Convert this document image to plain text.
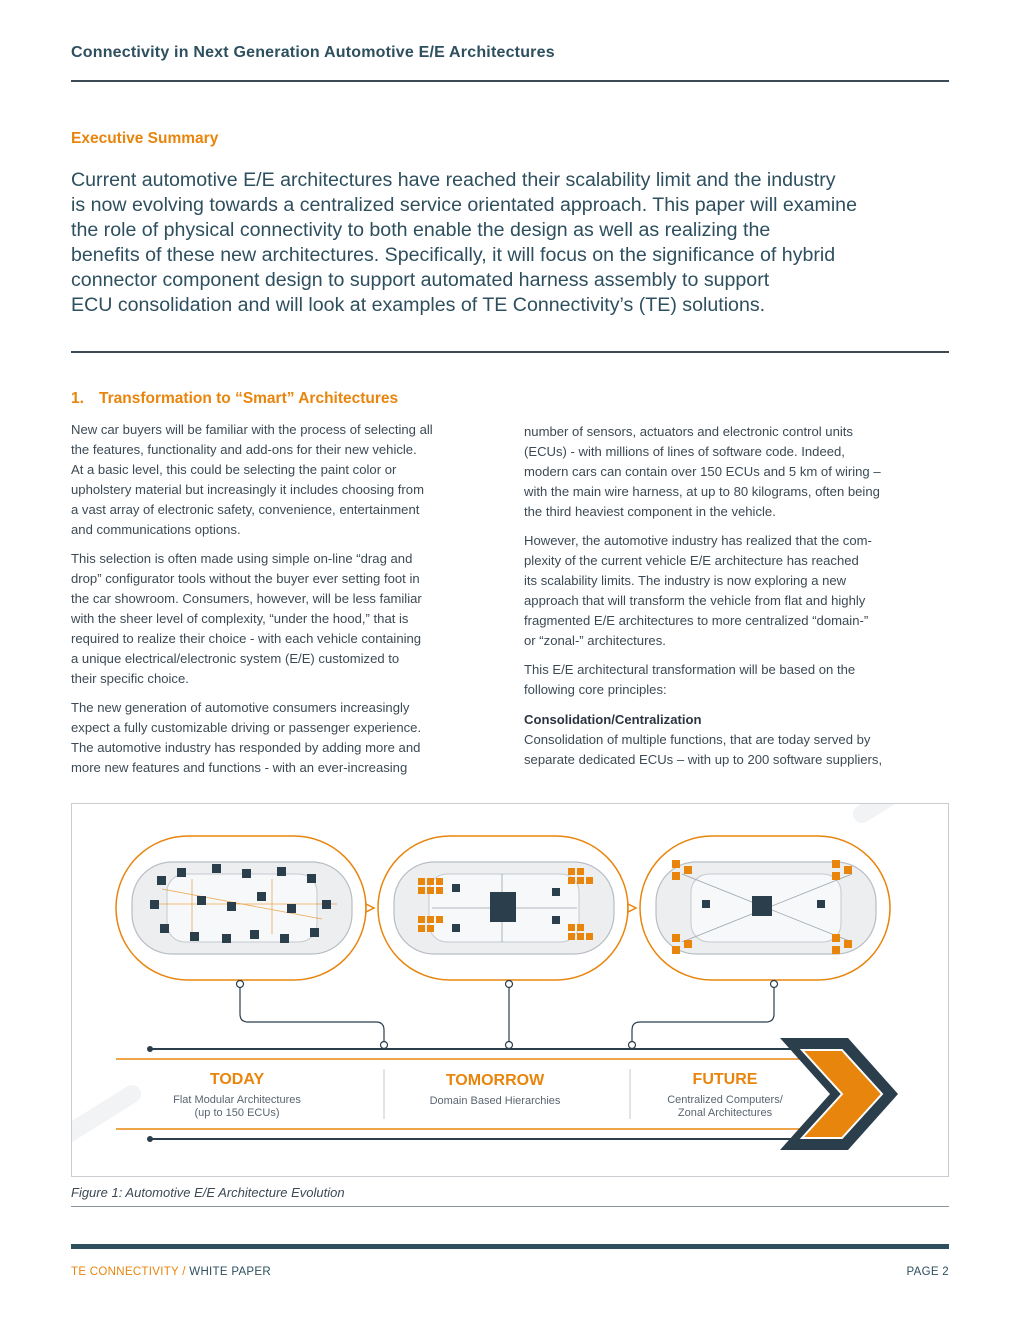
Connectivity in Next Generation Automotive E/E Architectures
Executive Summary
Current automotive E/E architectures have reached their scalability limit and the industry
is now evolving towards a centralized service orientated approach. This paper will examine
the role of physical connectivity to both enable the design as well as realizing the
benefits of these new architectures. Specifically, it will focus on the significance of hybrid
connector component design to support automated harness assembly to support
ECU consolidation and will look at examples of TE Connectivity’s (TE) solutions.
1. Transformation to “Smart” Architectures

New car buyers will be familiar with the process of selecting all
the features, functionality and add-ons for their new vehicle.
At a basic level, this could be selecting the paint color or
upholstery material but increasingly it includes choosing from
a vast array of electronic safety, convenience, entertainment
and communications options.

This selection is often made using simple on-line “drag and
drop” configurator tools without the buyer ever setting foot in
the car showroom. Consumers, however, will be less familiar
with the sheer level of complexity, “under the hood,” that is
required to realize their choice - with each vehicle containing
a unique electrical/electronic system (E/E) customized to
their specific choice.

The new generation of automotive consumers increasingly
expect a fully customizable driving or passenger experience.
The automotive industry has responded by adding more and
more new features and functions - with an ever-increasing

number of sensors, actuators and electronic control units
(ECUs) - with millions of lines of software code. Indeed,
modern cars can contain over 150 ECUs and 5 km of wiring –
with the main wire harness, at up to 80 kilograms, often being
the third heaviest component in the vehicle.

However, the automotive industry has realized that the com-
plexity of the current vehicle E/E architecture has reached
its scalability limits. The industry is now exploring a new
approach that will transform the vehicle from flat and highly
fragmented E/E architectures to more centralized “domain-”
or “zonal-” architectures.

This E/E architectural transformation will be based on the
following core principles:

Consolidation/Centralization
Consolidation of multiple functions, that are today served by
separate dedicated ECUs – with up to 200 software suppliers,

TODAY
Flat Modular Architectures
(up to 150 ECUs)
TOMORROW
Domain Based Hierarchies
FUTURE
Centralized Computers/
Zonal Architectures
Figure 1: Automotive E/E Architecture Evolution
TE CONNECTIVITY / WHITE PAPER	PAGE 2
